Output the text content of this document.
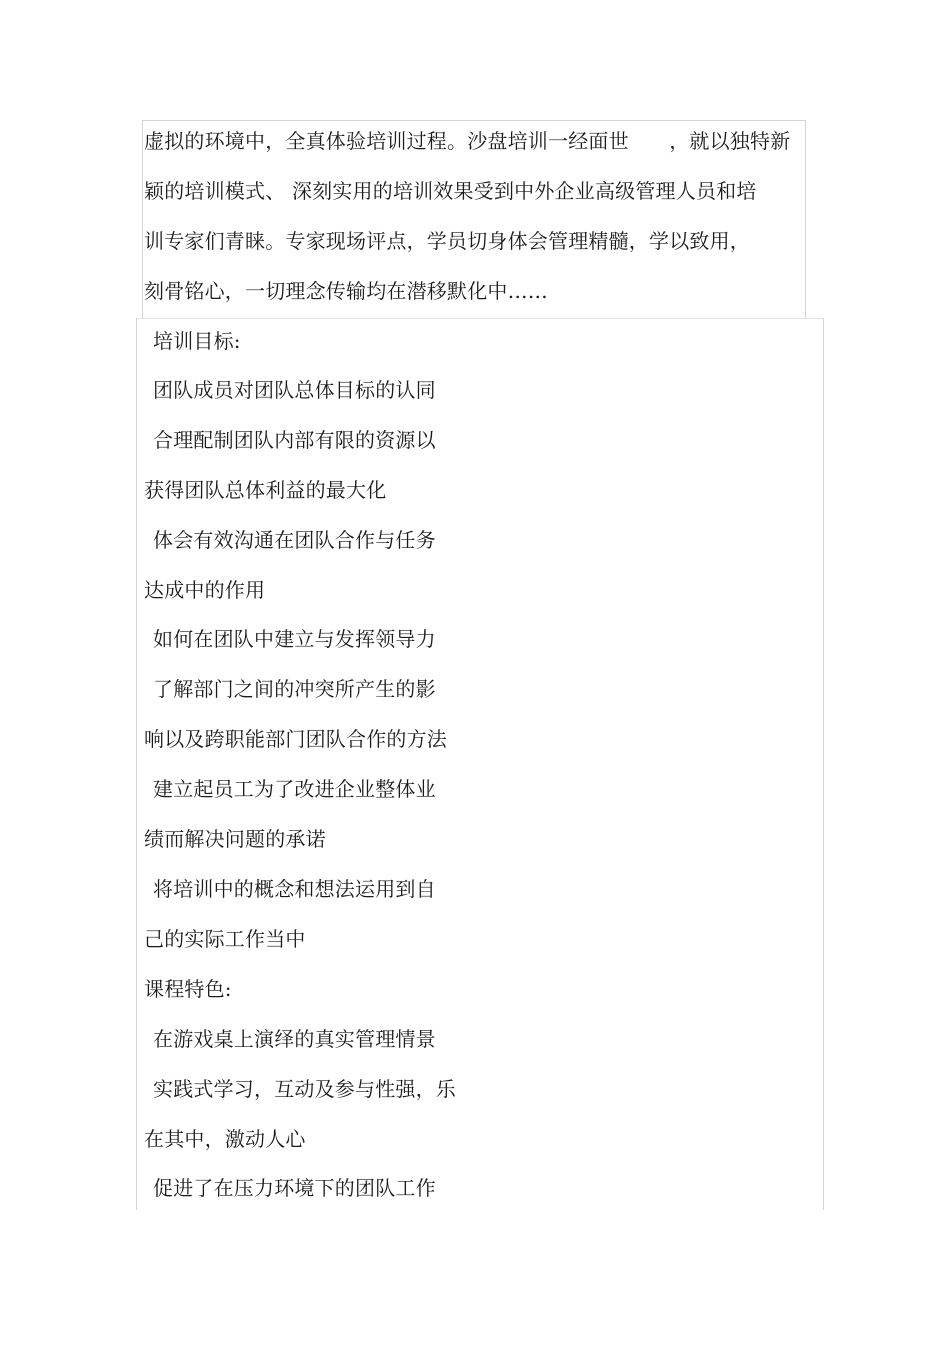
虚拟的环境中，全真体验培训过程。沙盘培训一经面世　　，就以独特新
颖的培训模式、 深刻实用的培训效果受到中外企业高级管理人员和培
训专家们青睐。专家现场评点，学员切身体会管理精髓，学以致用，
刻骨铭心，一切理念传输均在潜移默化中……
培训目标:
团队成员对团队总体目标的认同
合理配制团队内部有限的资源以
获得团队总体利益的最大化
体会有效沟通在团队合作与任务
达成中的作用
如何在团队中建立与发挥领导力
了解部门之间的冲突所产生的影
响以及跨职能部门团队合作的方法
建立起员工为了改进企业整体业
绩而解决问题的承诺
将培训中的概念和想法运用到自
己的实际工作当中
课程特色:
在游戏桌上演绎的真实管理情景
实践式学习，互动及参与性强，乐
在其中，激动人心
促进了在压力环境下的团队工作
